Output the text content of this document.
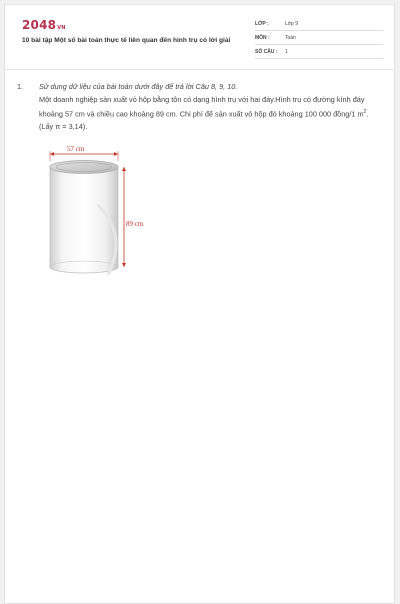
2048VN
10 bài tập Một số bài toán thực tế liên quan đến hình trụ có lời giải
LỚP :	Lớp 9
MÔN :	Toán
SỐ CÂU : 1
1. Sử dụng dữ liệu của bài toán dưới đây để trả lời Câu 8, 9, 10.
Một doanh nghiệp sản xuất vỏ hộp bằng tôn có dạng hình trụ với hai đáy.Hình trụ có đường kính đáy khoảng 57 cm và chiều cao khoảng 89 cm. Chi phí để sản xuất vỏ hộp đó khoảng 100 000 đồng/1 $m^2$. (Lấy π = 3,14).
57 cm
89 cm
